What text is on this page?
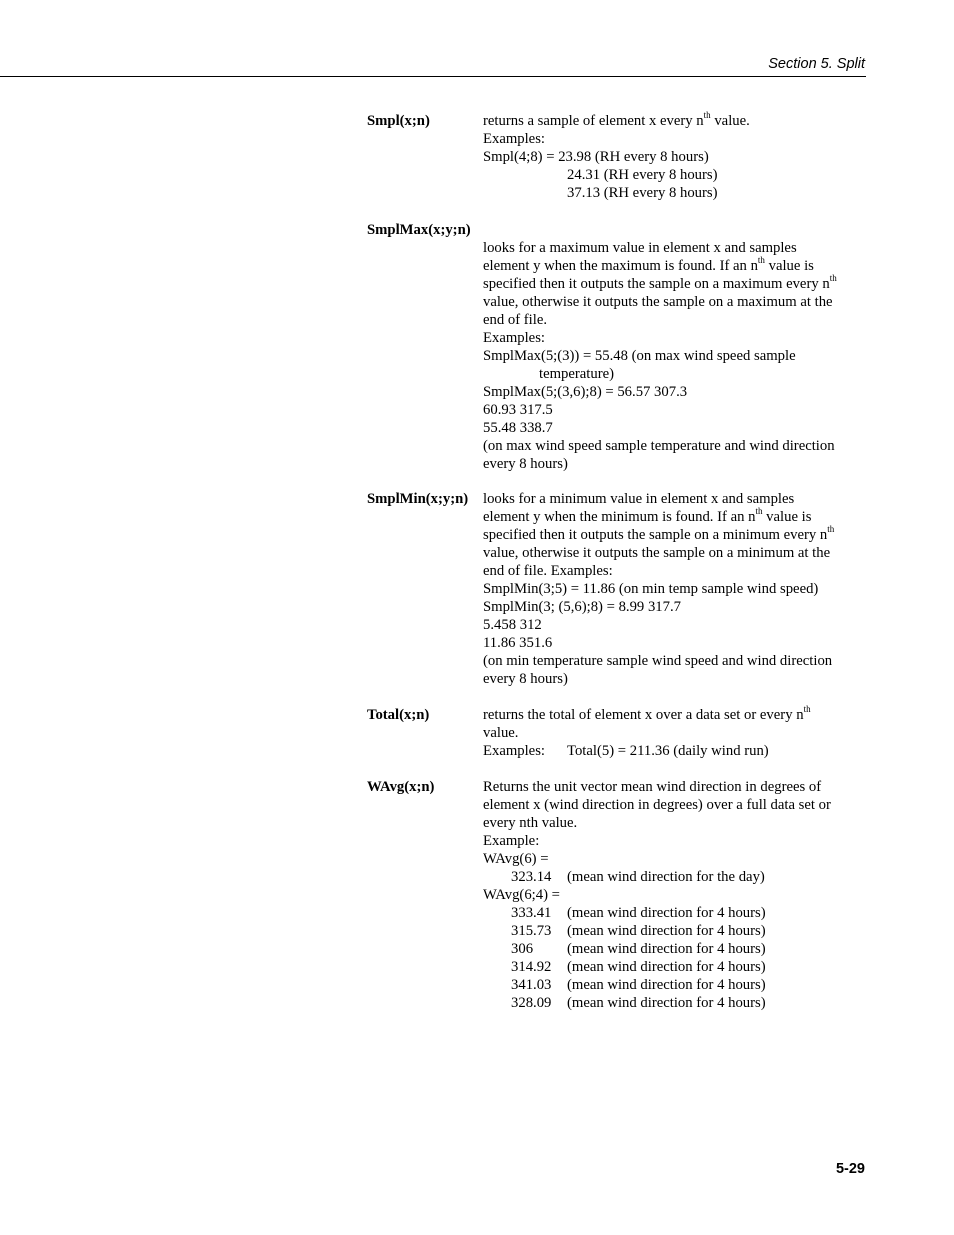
Section 5. Split
Smpl(x;n)	returns a sample of element x every $n^{th}$ value.
Examples:
Smpl(4;8) = 23.98 (RH every 8 hours)
24.31 (RH every 8 hours)
37.13 (RH every 8 hours)
SmplMax(x;y;n)
looks for a maximum value in element x and samples
element y when the maximum is found. If an $n^{th}$ value is
specified then it outputs the sample on a maximum every $n^{th}$
value, otherwise it outputs the sample on a maximum at the
end of file.
Examples:
SmplMax(5;(3)) = 55.48 (on max wind speed sample
temperature)
SmplMax(5;(3,6);8) = 56.57 307.3
60.93 317.5
55.48 338.7
(on max wind speed sample temperature and wind direction
every 8 hours)
SmplMin(x;y;n) looks for a minimum value in element x and samples
element y when the minimum is found. If an $n^{th}$ value is
specified then it outputs the sample on a minimum every $n^{th}$
value, otherwise it outputs the sample on a minimum at the
end of file. Examples:
SmplMin(3;5) = 11.86 (on min temp sample wind speed)
SmplMin(3; (5,6);8) = 8.99 317.7
5.458 312
11.86 351.6
(on min temperature sample wind speed and wind direction
every 8 hours)
Total(x;n)	returns the total of element x over a data set or every $n^{th}$
value.
Examples: Total(5) = 211.36 (daily wind run)
WAvg(x;n)	Returns the unit vector mean wind direction in degrees of
element x (wind direction in degrees) over a full data set or
every nth value.
Example:
WAvg(6) =
323.14 (mean wind direction for the day)
WAvg(6;4) =
333.41 (mean wind direction for 4 hours)
315.73 (mean wind direction for 4 hours)
306 (mean wind direction for 4 hours)
314.92 (mean wind direction for 4 hours)
341.03 (mean wind direction for 4 hours)
328.09 (mean wind direction for 4 hours)
5-29
